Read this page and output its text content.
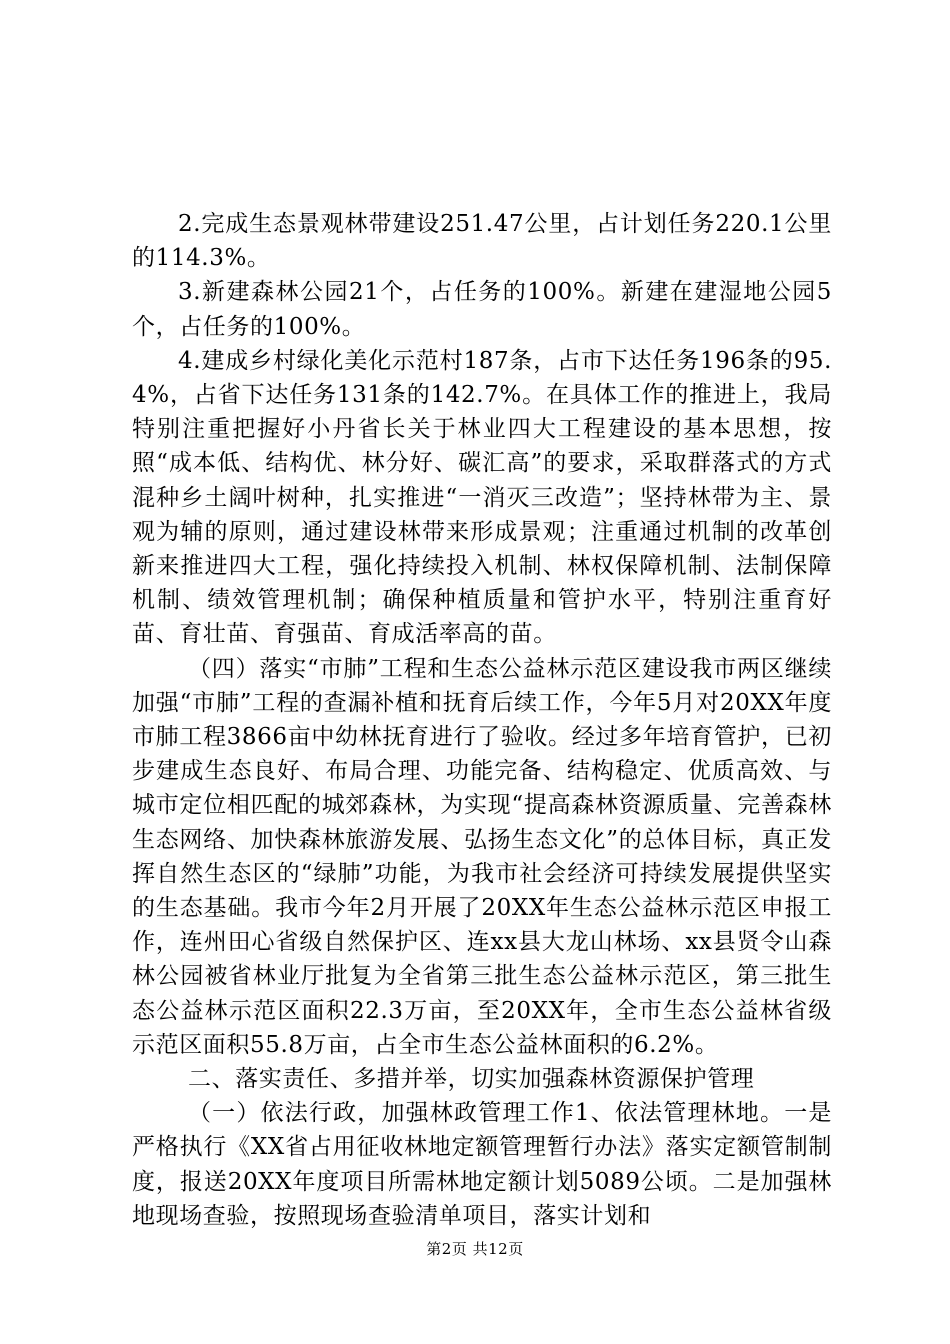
2.完成生态景观林带建设251.47公里，占计划任务220.1公里的114.3%。

3.新建森林公园21个，占任务的100%。新建在建湿地公园5个，占任务的100%。

4.建成乡村绿化美化示范村187条，占市下达任务196条的95.4%，占省下达任务131条的142.7%。在具体工作的推进上，我局特别注重把握好小丹省长关于林业四大工程建设的基本思想，按照“成本低、结构优、林分好、碳汇高”的要求，采取群落式的方式混种乡土阔叶树种，扎实推进“一消灭三改造”；坚持林带为主、景观为辅的原则，通过建设林带来形成景观；注重通过机制的改革创新来推进四大工程，强化持续投入机制、林权保障机制、法制保障机制、绩效管理机制；确保种植质量和管护水平，特别注重育好苗、育壮苗、育强苗、育成活率高的苗。

（四）落实“市肺”工程和生态公益林示范区建设我市两区继续加强“市肺”工程的查漏补植和抚育后续工作，今年5月对20XX年度市肺工程3866亩中幼林抚育进行了验收。经过多年培育管护，已初步建成生态良好、布局合理、功能完备、结构稳定、优质高效、与城市定位相匹配的城郊森林，为实现“提高森林资源质量、完善森林生态网络、加快森林旅游发展、弘扬生态文化”的总体目标，真正发挥自然生态区的“绿肺”功能，为我市社会经济可持续发展提供坚实的生态基础。我市今年2月开展了20XX年生态公益林示范区申报工作，连州田心省级自然保护区、连xx县大龙山林场、xx县贤令山森林公园被省林业厅批复为全省第三批生态公益林示范区，第三批生态公益林示范区面积22.3万亩，至20XX年，全市生态公益林省级示范区面积55.8万亩，占全市生态公益林面积的6.2%。

二、落实责任、多措并举，切实加强森林资源保护管理

（一）依法行政，加强林政管理工作1、依法管理林地。一是严格执行《XX省占用征收林地定额管理暂行办法》落实定额管制制度，报送20XX年度项目所需林地定额计划5089公顷。二是加强林地现场查验，按照现场查验清单项目，落实计划和

第2页 共12页
